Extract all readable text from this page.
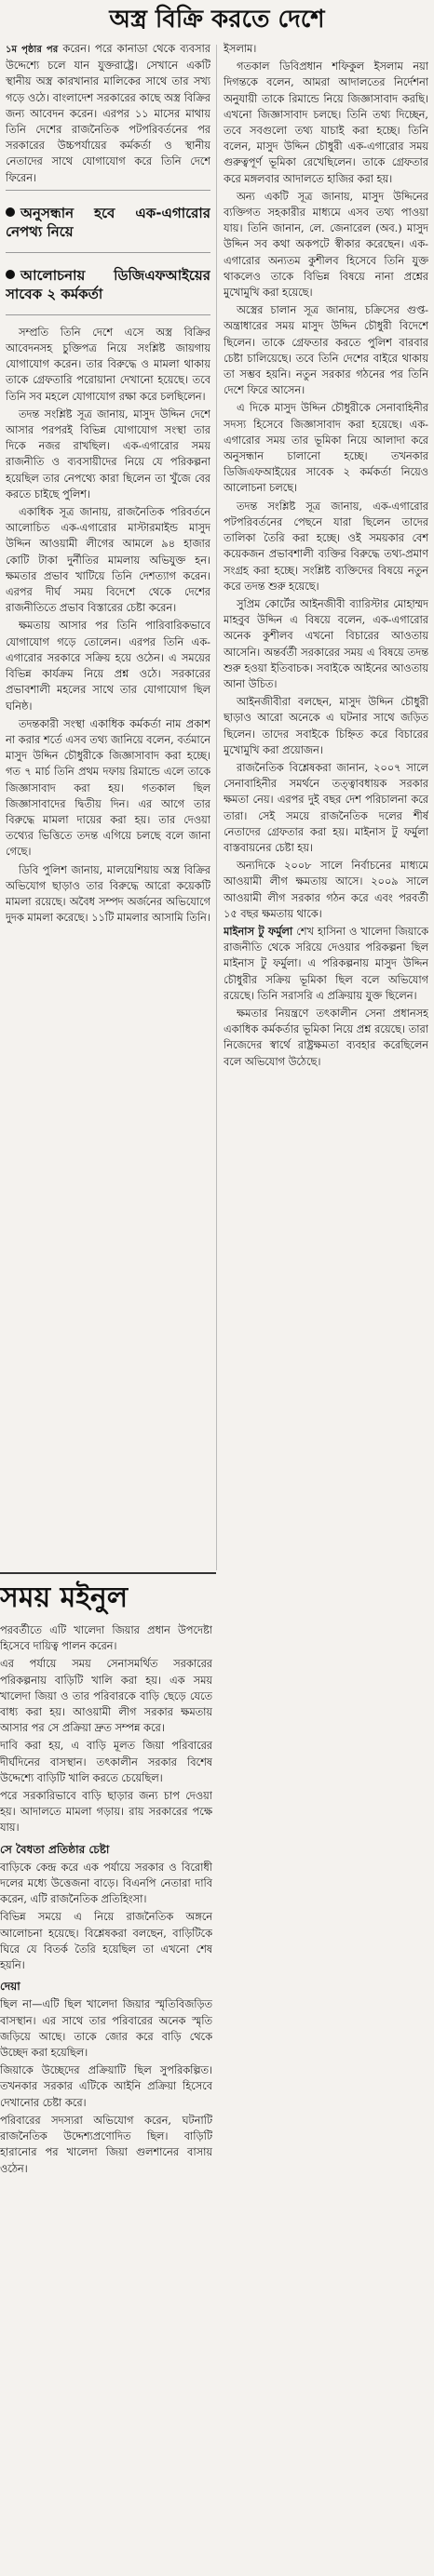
অস্ত্র বিক্রি করতে দেশে

১ম পৃষ্ঠার পর করেন। পরে কানাডা থেকে ব্যবসার উদ্দেশ্যে চলে যান যুক্তরাষ্ট্রে। সেখানে একটি স্থানীয় অস্ত্র কারখানার মালিকের সাথে তার সখ্য গড়ে ওঠে। বাংলাদেশ সরকারের কাছে অস্ত্র বিক্রির জন্য আবেদন করেন। এরপর ১১ মাসের মাথায় তিনি দেশের রাজনৈতিক পটপরিবর্তনের পর সরকারের উচ্চপর্যায়ের কর্মকর্তা ও স্থানীয় নেতাদের সাথে যোগাযোগ করে তিনি দেশে ফিরেন।

অনুসন্ধান হবে এক-এগারোর নেপথ্য নিয়ে
আলোচনায় ডিজিএফআইয়ের সাবেক ২ কর্মকর্তা

সম্প্রতি তিনি দেশে এসে অস্ত্র বিক্রির আবেদনসহ চুক্তিপত্র নিয়ে সংশ্লিষ্ট জায়গায় যোগাযোগ করেন। তার বিরুদ্ধে ও মামলা থাকায় তাকে গ্রেফতারি পরোয়ানা দেখানো হয়েছে। তবে তিনি সব মহলে যোগাযোগ রক্ষা করে চলছিলেন।

তদন্ত সংশ্লিষ্ট সূত্র জানায়, মাসুদ উদ্দিন দেশে আসার পরপরই বিভিন্ন যোগাযোগ সংস্থা তার দিকে নজর রাখছিল। এক-এগারোর সময় রাজনীতি ও ব্যবসায়ীদের নিয়ে যে পরিকল্পনা হয়েছিল তার নেপথ্যে কারা ছিলেন তা খুঁজে বের করতে চাইছে পুলিশ।

একাধিক সূত্র জানায়, রাজনৈতিক পরিবর্তনে আলোচিত এক-এগারোর মাস্টারমাইন্ড মাসুদ উদ্দিন আওয়ামী লীগের আমলে ৯৪ হাজার কোটি টাকা দুর্নীতির মামলায় অভিযুক্ত হন। ক্ষমতার প্রভাব খাটিয়ে তিনি দেশত্যাগ করেন। এরপর দীর্ঘ সময় বিদেশে থেকে দেশের রাজনীতিতে প্রভাব বিস্তারের চেষ্টা করেন।

ক্ষমতায় আসার পর তিনি পারিবারিকভাবে যোগাযোগ গড়ে তোলেন। এরপর তিনি এক-এগারোর সরকারে সক্রিয় হয়ে ওঠেন। এ সময়ের বিভিন্ন কার্যক্রম নিয়ে প্রশ্ন ওঠে। সরকারের প্রভাবশালী মহলের সাথে তার যোগাযোগ ছিল ঘনিষ্ঠ।

তদন্তকারী সংস্থা একাধিক কর্মকর্তা নাম প্রকাশ না করার শর্তে এসব তথ্য জানিয়ে বলেন, বর্তমানে মাসুদ উদ্দিন চৌধুরীকে জিজ্ঞাসাবাদ করা হচ্ছে। গত ৭ মার্চ তিনি প্রথম দফায় রিমান্ডে এলে তাকে জিজ্ঞাসাবাদ করা হয়। গতকাল ছিল জিজ্ঞাসাবাদের দ্বিতীয় দিন। এর আগে তার বিরুদ্ধে মামলা দায়ের করা হয়। তার দেওয়া তথ্যের ভিত্তিতে তদন্ত এগিয়ে চলছে বলে জানা গেছে।

ডিবি পুলিশ জানায়, মালয়েশিয়ায় অস্ত্র বিক্রির অভিযোগ ছাড়াও তার বিরুদ্ধে আরো কয়েকটি মামলা রয়েছে। অবৈধ সম্পদ অর্জনের অভিযোগে দুদক মামলা করেছে। ১১টি মামলার আসামি তিনি।

ইসলাম।

গতকাল ডিবিপ্রধান শফিকুল ইসলাম নয়া দিগন্তকে বলেন, আমরা আদালতের নির্দেশনা অনুযায়ী তাকে রিমান্ডে নিয়ে জিজ্ঞাসাবাদ করছি। এখনো জিজ্ঞাসাবাদ চলছে। তিনি তথ্য দিচ্ছেন, তবে সবগুলো তথ্য যাচাই করা হচ্ছে। তিনি বলেন, মাসুদ উদ্দিন চৌধুরী এক-এগারোর সময় গুরুত্বপূর্ণ ভূমিকা রেখেছিলেন। তাকে গ্রেফতার করে মঙ্গলবার আদালতে হাজির করা হয়।

অন্য একটি সূত্র জানায়, মাসুদ উদ্দিনের ব্যক্তিগত সহকারীর মাধ্যমে এসব তথ্য পাওয়া যায়। তিনি জানান, লে. জেনারেল (অব.) মাসুদ উদ্দিন সব কথা অকপটে স্বীকার করেছেন। এক-এগারোর অন্যতম কুশীলব হিসেবে তিনি যুক্ত থাকলেও তাকে বিভিন্ন বিষয়ে নানা প্রশ্নের মুখোমুখি করা হয়েছে।

অস্ত্রের চালান সূত্র জানায়, চক্রিসের গুপ্ত-অন্ত্রাধারের সময় মাসুদ উদ্দিন চৌধুরী বিদেশে ছিলেন। তাকে গ্রেফতার করতে পুলিশ বারবার চেষ্টা চালিয়েছে। তবে তিনি দেশের বাইরে থাকায় তা সম্ভব হয়নি। নতুন সরকার গঠনের পর তিনি দেশে ফিরে আসেন।

এ দিকে মাসুদ উদ্দিন চৌধুরীকে সেনাবাহিনীর সদস্য হিসেবে জিজ্ঞাসাবাদ করা হয়েছে। এক-এগারোর সময় তার ভূমিকা নিয়ে আলাদা করে অনুসন্ধান চালানো হচ্ছে। তখনকার ডিজিএফআইয়ের সাবেক ২ কর্মকর্তা নিয়েও আলোচনা চলছে।

তদন্ত সংশ্লিষ্ট সূত্র জানায়, এক-এগারোর পটপরিবর্তনের পেছনে যারা ছিলেন তাদের তালিকা তৈরি করা হচ্ছে। ওই সময়কার বেশ কয়েকজন প্রভাবশালী ব্যক্তির বিরুদ্ধে তথ্য-প্রমাণ সংগ্রহ করা হচ্ছে। সংশ্লিষ্ট ব্যক্তিদের বিষয়ে নতুন করে তদন্ত শুরু হয়েছে।

সুপ্রিম কোর্টের আইনজীবী ব্যারিস্টার মোহাম্মদ মাহবুব উদ্দিন এ বিষয়ে বলেন, এক-এগারোর অনেক কুশীলব এখনো বিচারের আওতায় আসেনি। অন্তর্বর্তী সরকারের সময় এ বিষয়ে তদন্ত শুরু হওয়া ইতিবাচক। সবাইকে আইনের আওতায় আনা উচিত।

আইনজীবীরা বলছেন, মাসুদ উদ্দিন চৌধুরী ছাড়াও আরো অনেকে এ ঘটনার সাথে জড়িত ছিলেন। তাদের সবাইকে চিহ্নিত করে বিচারের মুখোমুখি করা প্রয়োজন।

রাজনৈতিক বিশ্লেষকরা জানান, ২০০৭ সালে সেনাবাহিনীর সমর্থনে তত্ত্বাবধায়ক সরকার ক্ষমতা নেয়। এরপর দুই বছর দেশ পরিচালনা করে তারা। সেই সময়ে রাজনৈতিক দলের শীর্ষ নেতাদের গ্রেফতার করা হয়। মাইনাস টু ফর্মুলা বাস্তবায়নের চেষ্টা হয়।

অন্যদিকে ২০০৮ সালে নির্বাচনের মাধ্যমে আওয়ামী লীগ ক্ষমতায় আসে। ২০০৯ সালে আওয়ামী লীগ সরকার গঠন করে এবং পরবর্তী ১৫ বছর ক্ষমতায় থাকে।

মাইনাস টু ফর্মুলা শেখ হাসিনা ও খালেদা জিয়াকে রাজনীতি থেকে সরিয়ে দেওয়ার পরিকল্পনা ছিল মাইনাস টু ফর্মুলা। এ পরিকল্পনায় মাসুদ উদ্দিন চৌধুরীর সক্রিয় ভূমিকা ছিল বলে অভিযোগ রয়েছে। তিনি সরাসরি এ প্রক্রিয়ায় যুক্ত ছিলেন।

ক্ষমতার নিয়ন্ত্রণে তৎকালীন সেনা প্রধানসহ একাধিক কর্মকর্তার ভূমিকা নিয়ে প্রশ্ন রয়েছে। তারা নিজেদের স্বার্থে রাষ্ট্রক্ষমতা ব্যবহার করেছিলেন বলে অভিযোগ উঠেছে।

সময় মইনুল

পরবর্তীতে এটি খালেদা জিয়ার প্রধান উপদেষ্টা হিসেবে দায়িত্ব পালন করেন।

এর পর্যায়ে সময় সেনাসমর্থিত সরকারের পরিকল্পনায় বাড়িটি খালি করা হয়। এক সময় খালেদা জিয়া ও তার পরিবারকে বাড়ি ছেড়ে যেতে বাধ্য করা হয়। আওয়ামী লীগ সরকার ক্ষমতায় আসার পর সে প্রক্রিয়া দ্রুত সম্পন্ন করে।

দাবি করা হয়, এ বাড়ি মূলত জিয়া পরিবারের দীর্ঘদিনের বাসস্থান। তৎকালীন সরকার বিশেষ উদ্দেশ্যে বাড়িটি খালি করতে চেয়েছিল।

পরে সরকারিভাবে বাড়ি ছাড়ার জন্য চাপ দেওয়া হয়। আদালতে মামলা গড়ায়। রায় সরকারের পক্ষে যায়।

সে বৈধতা প্রতিষ্ঠার চেষ্টা

বাড়িকে কেন্দ্র করে এক পর্যায়ে সরকার ও বিরোধী দলের মধ্যে উত্তেজনা বাড়ে। বিএনপি নেতারা দাবি করেন, এটি রাজনৈতিক প্রতিহিংসা।

বিভিন্ন সময়ে এ নিয়ে রাজনৈতিক অঙ্গনে আলোচনা হয়েছে। বিশ্লেষকরা বলছেন, বাড়িটিকে ঘিরে যে বিতর্ক তৈরি হয়েছিল তা এখনো শেষ হয়নি।

দেয়া

ছিল না—এটি ছিল খালেদা জিয়ার স্মৃতিবিজড়িত বাসস্থান। এর সাথে তার পরিবারের অনেক স্মৃতি জড়িয়ে আছে। তাকে জোর করে বাড়ি থেকে উচ্ছেদ করা হয়েছিল।

জিয়াকে উচ্ছেদের প্রক্রিয়াটি ছিল সুপরিকল্পিত। তখনকার সরকার এটিকে আইনি প্রক্রিয়া হিসেবে দেখানোর চেষ্টা করে।

পরিবারের সদস্যরা অভিযোগ করেন, ঘটনাটি রাজনৈতিক উদ্দেশ্যপ্রণোদিত ছিল। বাড়িটি হারানোর পর খালেদা জিয়া গুলশানের বাসায় ওঠেন।
